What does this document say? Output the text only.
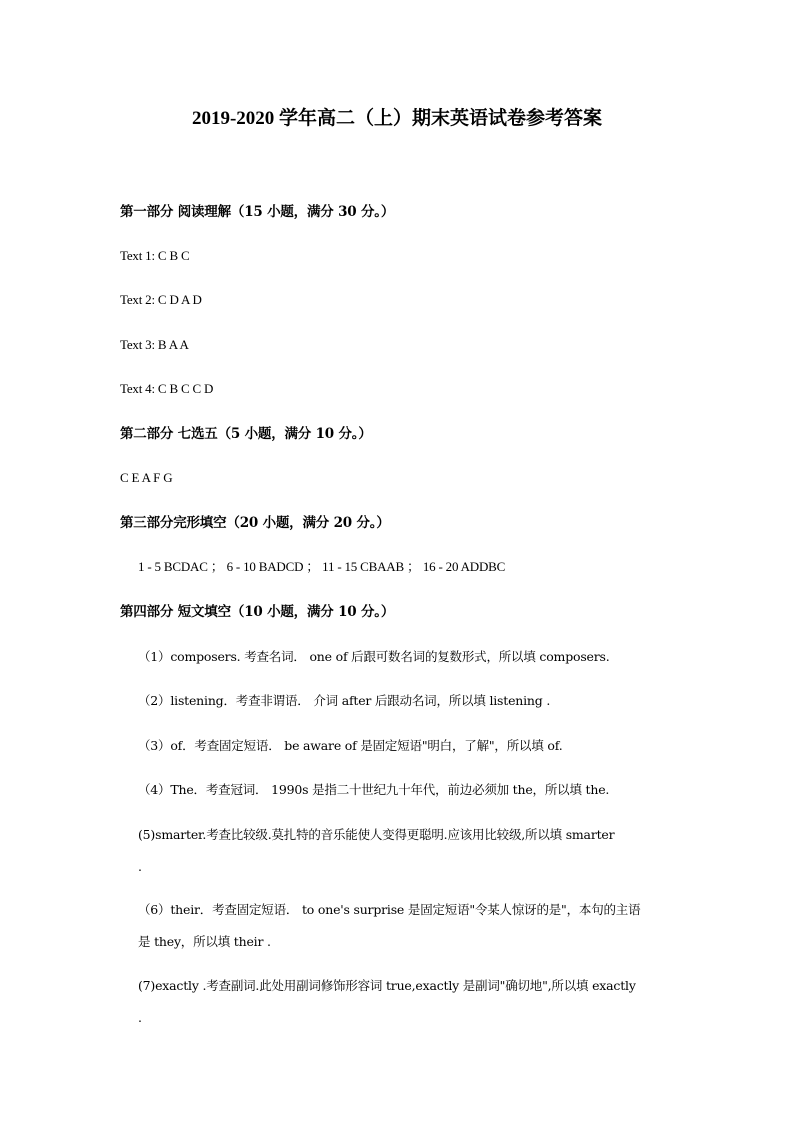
2019-2020 学年高二（上）期末英语试卷参考答案
第一部分 阅读理解（15 小题，满分 30 分。）
Text 1: C B C
Text 2: C D A D
Text 3: B A A
Text 4: C B C C D
第二部分 七选五（5 小题，满分 10 分。）
C E A F G
第三部分完形填空（20 小题，满分 20 分。）
1 - 5 BCDAC ； 6 - 10 BADCD ； 11 - 15 CBAAB ； 16 - 20 ADDBC
第四部分 短文填空（10 小题，满分 10 分。）
（1）composers. 考查名词． one of 后跟可数名词的复数形式，所以填 composers.
（2）listening．考查非谓语． 介词 after 后跟动名词，所以填 listening .
（3）of．考查固定短语． be aware of 是固定短语"明白，了解"，所以填 of.
（4）The．考查冠词． 1990s 是指二十世纪九十年代，前边必须加 the，所以填 the.
(5)smarter.考查比较级.莫扎特的音乐能使人变得更聪明.应该用比较级,所以填 smarter
.
（6）their．考查固定短语． to one's surprise 是固定短语"令某人惊讶的是"，本句的主语
是 they，所以填 their .
(7)exactly .考查副词.此处用副词修饰形容词 true,exactly 是副词"确切地",所以填 exactly
.
